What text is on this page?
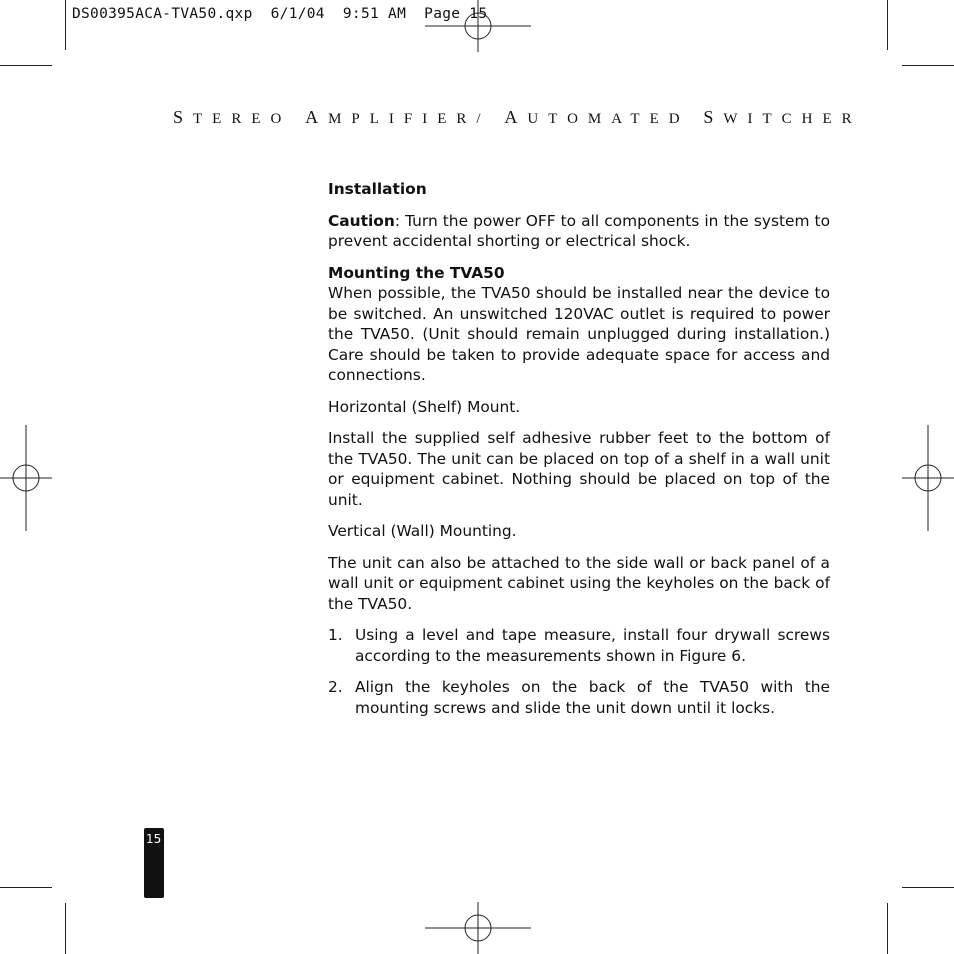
DS00395ACA-TVA50.qxp  6/1/04  9:51 AM  Page 15
STEREO AMPLIFIER/ AUTOMATED SWITCHER
Installation

Caution: Turn the power OFF to all components in the system to prevent accidental shorting or electrical shock.

Mounting the TVA50

When possible, the TVA50 should be installed near the device to be switched. An unswitched 120VAC outlet is required to power the TVA50. (Unit should remain unplugged during installation.) Care should be taken to provide adequate space for access and connections.

Horizontal (Shelf) Mount.

Install the supplied self adhesive rubber feet to the bottom of the TVA50. The unit can be placed on top of a shelf in a wall unit or equipment cabinet. Nothing should be placed on top of the unit.

Vertical (Wall) Mounting.

The unit can also be attached to the side wall or back panel of a wall unit or equipment cabinet using the keyholes on the back of the TVA50.

1. Using a level and tape measure, install four drywall screws according to the measurements shown in Figure 6.
2. Align the keyholes on the back of the TVA50 with the mounting screws and slide the unit down until it locks.
15
